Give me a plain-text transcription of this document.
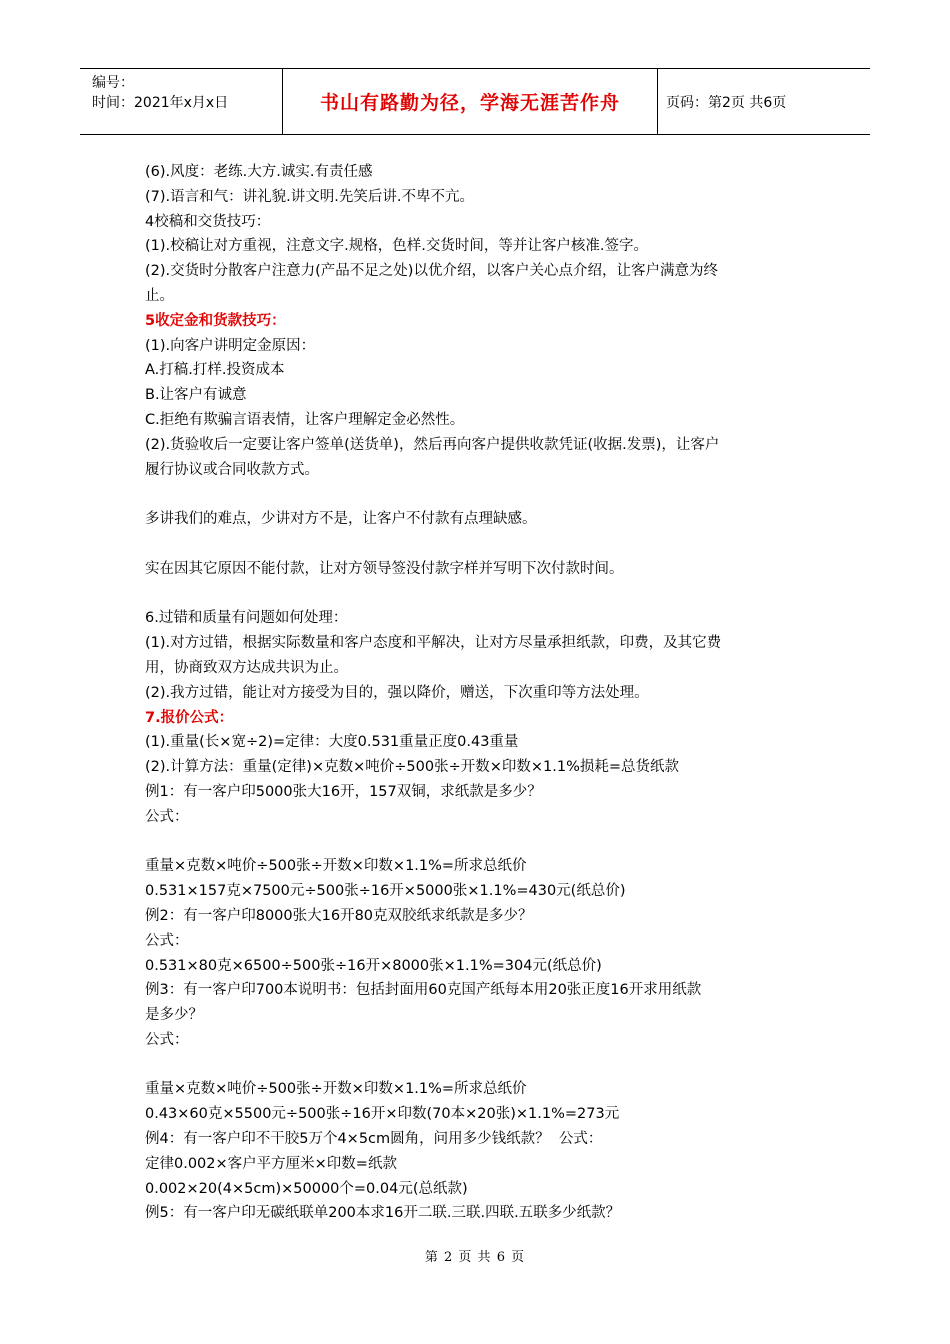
编号：
时间：2021年x月x日	书山有路勤为径，学海无涯苦作舟	页码：第2页 共6页

(6).风度：老练.大方.诚实.有责任感

(7).语言和气：讲礼貌.讲文明.先笑后讲.不卑不亢。

4校稿和交货技巧：

(1).校稿让对方重视，注意文字.规格，色样.交货时间，等并让客户核准.签字。

(2).交货时分散客户注意力(产品不足之处)以优介绍，以客户关心点介绍，让客户满意为终

止。

5收定金和货款技巧：

(1).向客户讲明定金原因：

A.打稿.打样.投资成本

B.让客户有诚意

C.拒绝有欺骗言语表情，让客户理解定金必然性。

(2).货验收后一定要让客户签单(送货单)，然后再向客户提供收款凭证(收据.发票)，让客户

履行协议或合同收款方式。

多讲我们的难点，少讲对方不是，让客户不付款有点理缺感。

实在因其它原因不能付款，让对方领导签没付款字样并写明下次付款时间。

6.过错和质量有问题如何处理：

(1).对方过错，根据实际数量和客户态度和平解决，让对方尽量承担纸款，印费，及其它费

用，协商致双方达成共识为止。

(2).我方过错，能让对方接受为目的，强以降价，赠送，下次重印等方法处理。

7.报价公式：

(1).重量(长×宽÷2)=定律：大度0.531重量正度0.43重量

(2).计算方法：重量(定律)×克数×吨价÷500张÷开数×印数×1.1%损耗=总货纸款

例1：有一客户印5000张大16开，157双铜，求纸款是多少？

公式：

重量×克数×吨价÷500张÷开数×印数×1.1%=所求总纸价

0.531×157克×7500元÷500张÷16开×5000张×1.1%=430元(纸总价)

例2：有一客户印8000张大16开80克双胶纸求纸款是多少？

公式：

0.531×80克×6500÷500张÷16开×8000张×1.1%=304元(纸总价)

例3：有一客户印700本说明书：包括封面用60克国产纸每本用20张正度16开求用纸款

是多少？

公式：

重量×克数×吨价÷500张÷开数×印数×1.1%=所求总纸价

0.43×60克×5500元÷500张÷16开×印数(70本×20张)×1.1%=273元

例4：有一客户印不干胶5万个4×5cm圆角，问用多少钱纸款？  公式：

定律0.002×客户平方厘米×印数=纸款

0.002×20(4×5cm)×50000个=0.04元(总纸款)

例5：有一客户印无碳纸联单200本求16开二联.三联.四联.五联多少纸款？

第 2 页 共 6 页
